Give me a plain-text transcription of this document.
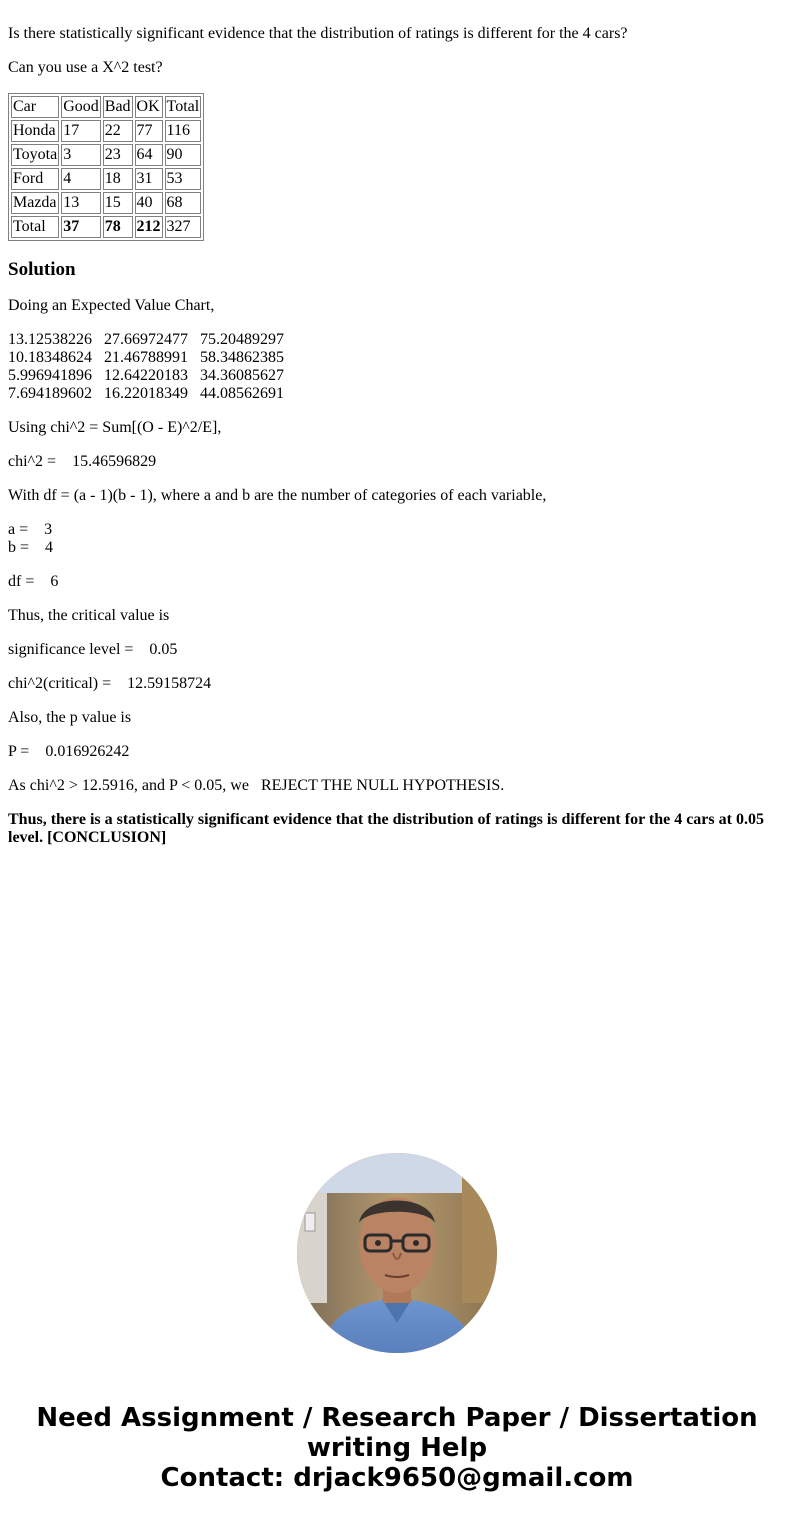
Is there statistically significant evidence that the distribution of ratings is different for the 4 cars?

Can you use a X^2 test?

Car	Good	Bad	OK	Total
Honda	17	22	77	116
Toyota	3	23	64	90
Ford	4	18	31	53
Mazda	13	15	40	68
Total	37	78	212	327
Solution

Doing an Expected Value Chart,

13.12538226 27.66972477 75.20489297
10.18348624 21.46788991 58.34862385
5.996941896 12.64220183 34.36085627
7.694189602 16.22018349 44.08562691

Using chi^2 = Sum[(O - E)^2/E],

chi^2 = 15.46596829

With df = (a - 1)(b - 1), where a and b are the number of categories of each variable,

a = 3
b = 4

df = 6

Thus, the critical value is

significance level = 0.05

chi^2(critical) = 12.59158724

Also, the p value is

P = 0.016926242

As chi^2 > 12.5916, and P < 0.05, we REJECT THE NULL HYPOTHESIS.

Thus, there is a statistically significant evidence that the distribution of ratings is different for the 4 cars at 0.05 level. [CONCLUSION]

Need Assignment / Research Paper / Dissertation
writing Help
Contact: drjack9650@gmail.com
